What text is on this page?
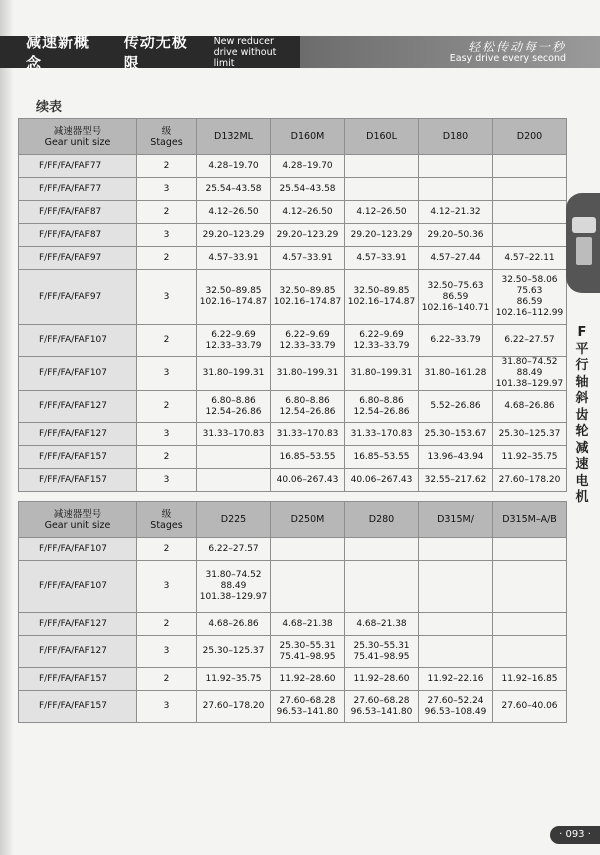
减速新概念
传动无极限
New reducer
drive without limit
轻松传动每一秒
Easy drive every second
续表
减速器型号
Gear unit size	级
Stages	D132ML	D160M	D160L	D180	D200
F/FF/FA/FAF77	2	4.28–19.70	4.28–19.70			
F/FF/FA/FAF77	3	25.54–43.58	25.54–43.58			
F/FF/FA/FAF87	2	4.12–26.50	4.12–26.50	4.12–26.50	4.12–21.32	
F/FF/FA/FAF87	3	29.20–123.29	29.20–123.29	29.20–123.29	29.20–50.36	
F/FF/FA/FAF97	2	4.57–33.91	4.57–33.91	4.57–33.91	4.57–27.44	4.57–22.11
F/FF/FA/FAF97	3	32.50–89.85
102.16–174.87	32.50–89.85
102.16–174.87	32.50–89.85
102.16–174.87	32.50–75.63
86.59
102.16–140.71	32.50–58.06
75.63
86.59
102.16–112.99
F/FF/FA/FAF107	2	6.22–9.69
12.33–33.79	6.22–9.69
12.33–33.79	6.22–9.69
12.33–33.79	6.22–33.79	6.22–27.57
F/FF/FA/FAF107	3	31.80–199.31	31.80–199.31	31.80–199.31	31.80–161.28	31.80–74.52
88.49
101.38–129.97
F/FF/FA/FAF127	2	6.80–8.86
12.54–26.86	6.80–8.86
12.54–26.86	6.80–8.86
12.54–26.86	5.52–26.86	4.68–26.86
F/FF/FA/FAF127	3	31.33–170.83	31.33–170.83	31.33–170.83	25.30–153.67	25.30–125.37
F/FF/FA/FAF157	2		16.85–53.55	16.85–53.55	13.96–43.94	11.92–35.75
F/FF/FA/FAF157	3		40.06–267.43	40.06–267.43	32.55–217.62	27.60–178.20
减速器型号
Gear unit size	级
Stages	D225	D250M	D280	D315M/	D315M–A/B
F/FF/FA/FAF107	2	6.22–27.57				
F/FF/FA/FAF107	3	31.80–74.52
88.49
101.38–129.97				
F/FF/FA/FAF127	2	4.68–26.86	4.68–21.38	4.68–21.38		
F/FF/FA/FAF127	3	25.30–125.37	25.30–55.31
75.41–98.95	25.30–55.31
75.41–98.95		
F/FF/FA/FAF157	2	11.92–35.75	11.92–28.60	11.92–28.60	11.92–22.16	11.92–16.85
F/FF/FA/FAF157	3	27.60–178.20	27.60–68.28
96.53–141.80	27.60–68.28
96.53–141.80	27.60–52.24
96.53–108.49	27.60–40.06
F平行轴斜齿轮减速电机
· 093 ·
